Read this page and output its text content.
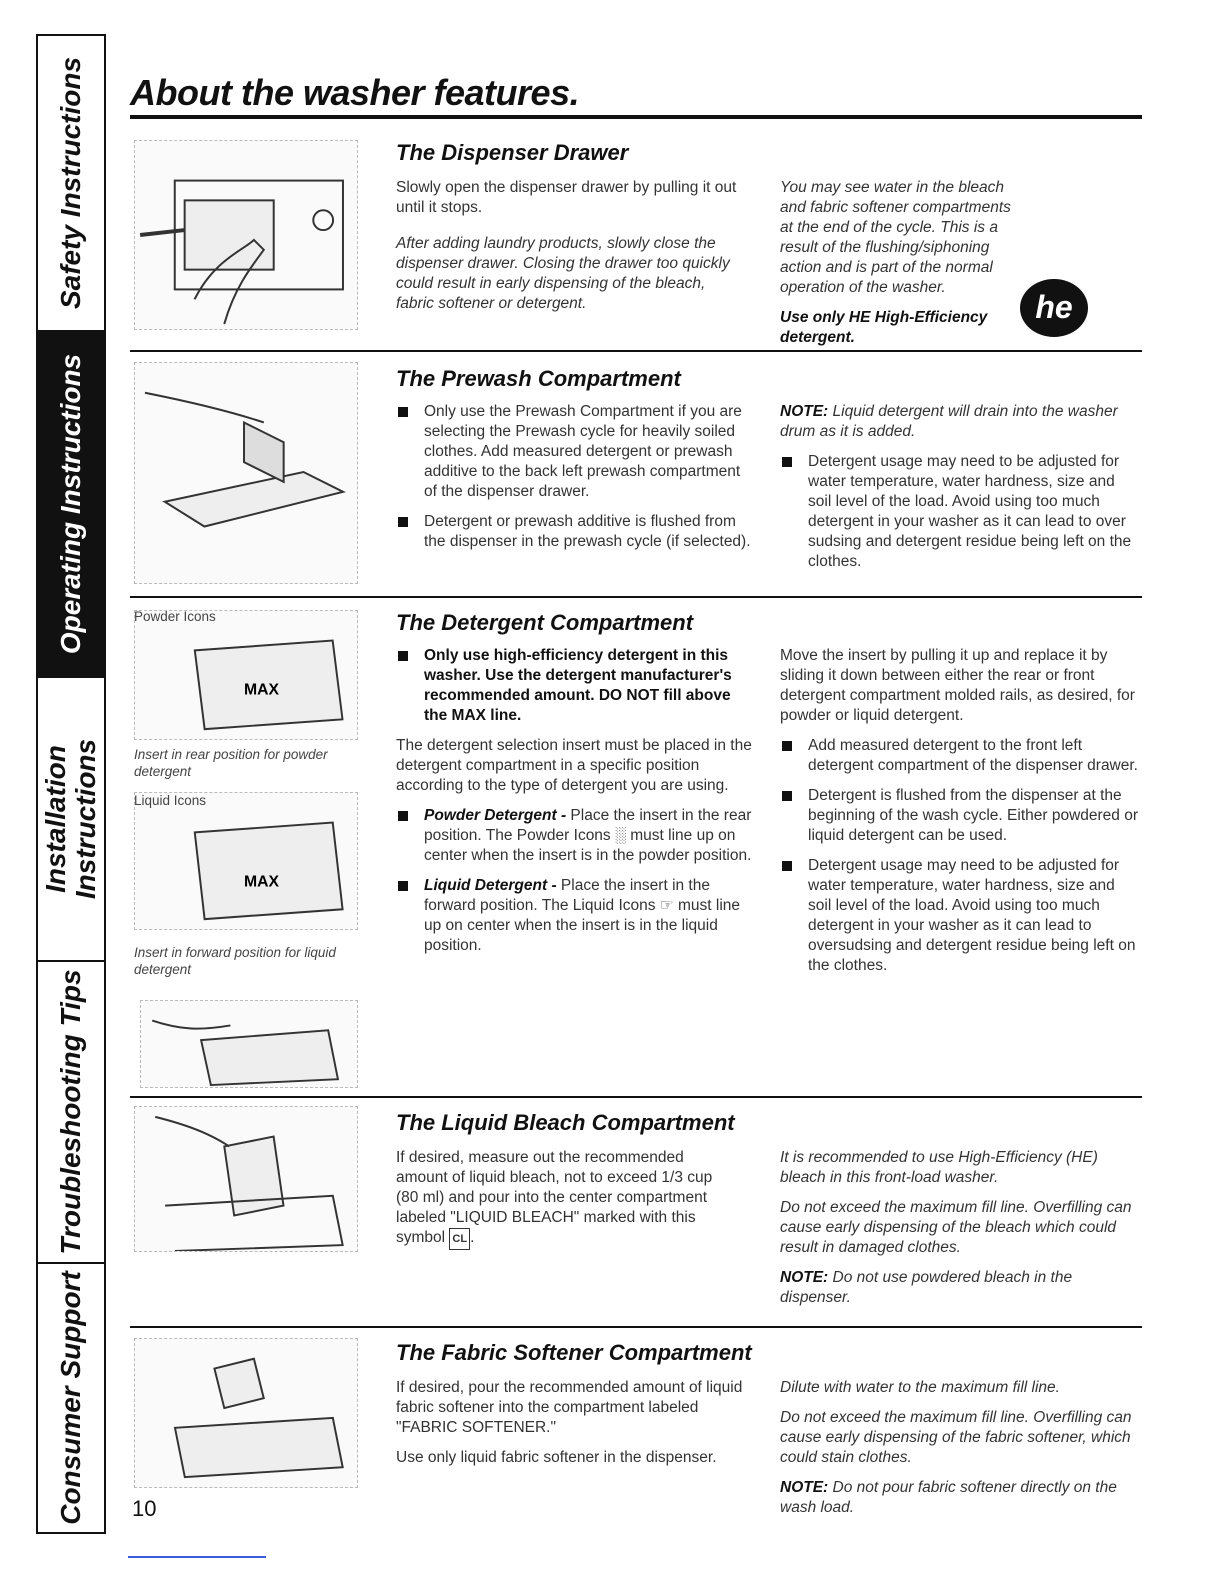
Safety Instructions
Operating Instructions
Installation Instructions
Troubleshooting Tips
Consumer Support
About the washer features.
The Dispenser Drawer

Slowly open the dispenser drawer by pulling it out until it stops.

After adding laundry products, slowly close the dispenser drawer. Closing the drawer too quickly could result in early dispensing of the bleach, fabric softener or detergent.

You may see water in the bleach and fabric softener compartments at the end of the cycle. This is a result of the flushing/siphoning action and is part of the normal operation of the washer.

Use only HE High-Efficiency detergent.

he
The Prewash Compartment
Only use the Prewash Compartment if you are selecting the Prewash cycle for heavily soiled clothes. Add measured detergent or prewash additive to the back left prewash compartment of the dispenser drawer.
Detergent or prewash additive is flushed from the dispenser in the prewash cycle (if selected).

NOTE: Liquid detergent will drain into the washer drum as it is added.

Detergent usage may need to be adjusted for water temperature, water hardness, size and soil level of the load. Avoid using too much detergent in your washer as it can lead to over sudsing and detergent residue being left on the clothes.
MAX
Powder Icons
Insert in rear position for powder detergent
MAX
Liquid Icons
Insert in forward position for liquid detergent
The Detergent Compartment
Only use high-efficiency detergent in this washer. Use the detergent manufacturer's recommended amount. DO NOT fill above the MAX line.

The detergent selection insert must be placed in the detergent compartment in a specific position according to the type of detergent you are using.

Powder Detergent - Place the insert in the rear position. The Powder Icons ░ must line up on center when the insert is in the powder position.
Liquid Detergent - Place the insert in the forward position. The Liquid Icons ☞ must line up on center when the insert is in the liquid position.

Move the insert by pulling it up and replace it by sliding it down between either the rear or front detergent compartment molded rails, as desired, for powder or liquid detergent.

Add measured detergent to the front left detergent compartment of the dispenser drawer.
Detergent is flushed from the dispenser at the beginning of the wash cycle. Either powdered or liquid detergent can be used.
Detergent usage may need to be adjusted for water temperature, water hardness, size and soil level of the load. Avoid using too much detergent in your washer as it can lead to oversudsing and detergent residue being left on the clothes.
The Liquid Bleach Compartment

If desired, measure out the recommended amount of liquid bleach, not to exceed 1/3 cup (80 ml) and pour into the center compartment labeled "LIQUID BLEACH" marked with this symbol CL .

It is recommended to use High-Efficiency (HE) bleach in this front-load washer.

Do not exceed the maximum fill line. Overfilling can cause early dispensing of the bleach which could result in damaged clothes.

NOTE: Do not use powdered bleach in the dispenser.

The Fabric Softener Compartment

If desired, pour the recommended amount of liquid fabric softener into the compartment labeled "FABRIC SOFTENER."

Use only liquid fabric softener in the dispenser.

Dilute with water to the maximum fill line.

Do not exceed the maximum fill line. Overfilling can cause early dispensing of the fabric softener, which could stain clothes.

NOTE: Do not pour fabric softener directly on the wash load.

10
